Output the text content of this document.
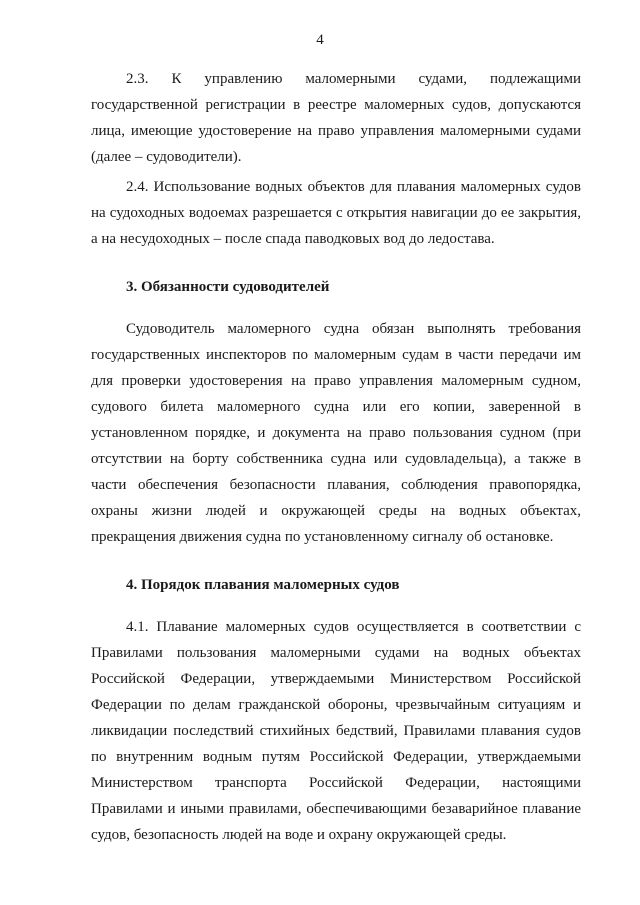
4

2.3. К управлению маломерными судами, подлежащими государственной регистрации в реестре маломерных судов, допускаются лица, имеющие удостоверение на право управления маломерными судами (далее – судоводители).

2.4. Использование водных объектов для плавания маломерных судов на судоходных водоемах разрешается с открытия навигации до ее закрытия, а на несудоходных – после спада паводковых вод до ледостава.

3. Обязанности судоводителей

Судоводитель маломерного судна обязан выполнять требования государственных инспекторов по маломерным судам в части передачи им для проверки удостоверения на право управления маломерным судном, судового билета маломерного судна или его копии, заверенной в установленном порядке, и документа на право пользования судном (при отсутствии на борту собственника судна или судовладельца), а также в части обеспечения безопасности плавания, соблюдения правопорядка, охраны жизни людей и окружающей среды на водных объектах, прекращения движения судна по установленному сигналу об остановке.

4. Порядок плавания маломерных судов

4.1. Плавание маломерных судов осуществляется в соответствии с Правилами пользования маломерными судами на водных объектах Российской Федерации, утверждаемыми Министерством Российской Федерации по делам гражданской обороны, чрезвычайным ситуациям и ликвидации последствий стихийных бедствий, Правилами плавания судов по внутренним водным путям Российской Федерации, утверждаемыми Министерством транспорта Российской Федерации, настоящими Правилами и иными правилами, обеспечивающими безаварийное плавание судов, безопасность людей на воде и охрану окружающей среды.
